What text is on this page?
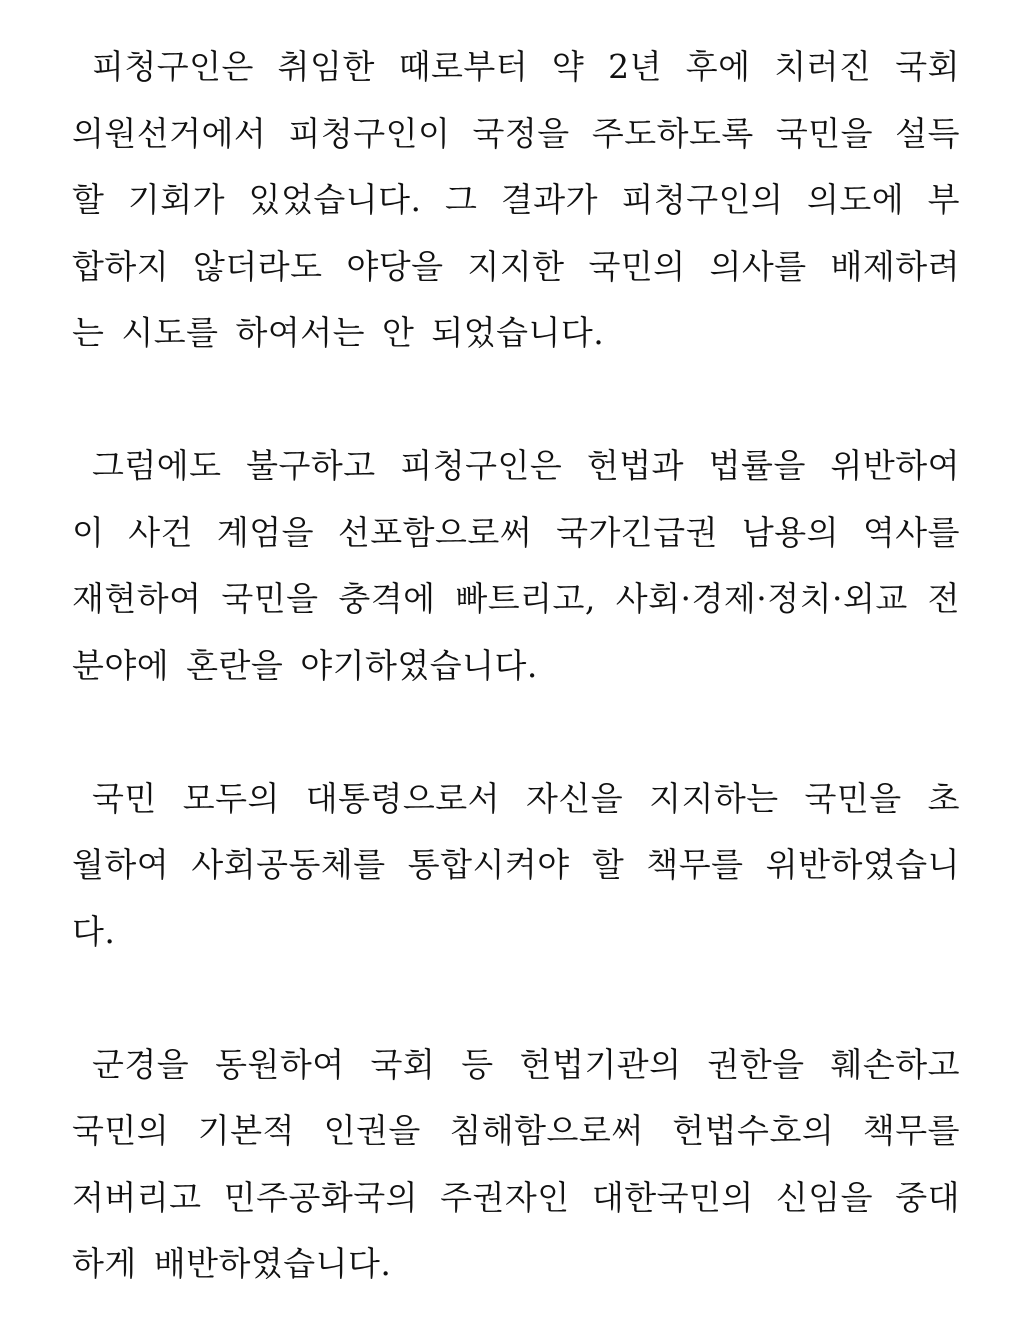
피청구인은 취임한 때로부터 약 2년 후에 치러진 국회
의원선거에서 피청구인이 국정을 주도하도록 국민을 설득
할 기회가 있었습니다. 그 결과가 피청구인의 의도에 부
합하지 않더라도 야당을 지지한 국민의 의사를 배제하려
는 시도를 하여서는 안 되었습니다.
그럼에도 불구하고 피청구인은 헌법과 법률을 위반하여
이 사건 계엄을 선포함으로써 국가긴급권 남용의 역사를
재현하여 국민을 충격에 빠트리고, 사회·경제·정치·외교 전
분야에 혼란을 야기하였습니다.
국민 모두의 대통령으로서 자신을 지지하는 국민을 초
월하여 사회공동체를 통합시켜야 할 책무를 위반하였습니
다.
군경을 동원하여 국회 등 헌법기관의 권한을 훼손하고
국민의 기본적 인권을 침해함으로써 헌법수호의 책무를
저버리고 민주공화국의 주권자인 대한국민의 신임을 중대
하게 배반하였습니다.
